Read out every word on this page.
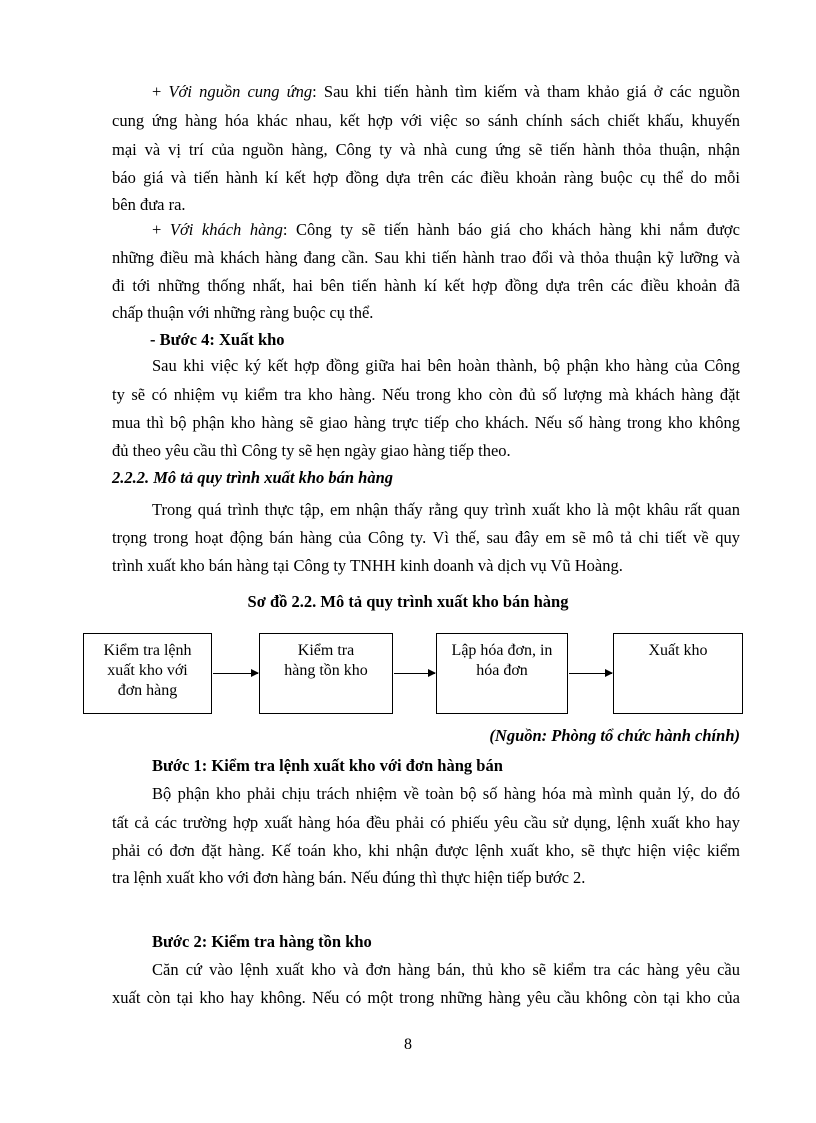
+ Với nguồn cung ứng: Sau khi tiến hành tìm kiếm và tham khảo giá ở các nguồn
cung ứng hàng hóa khác nhau, kết hợp với việc so sánh chính sách chiết khấu, khuyến
mại và vị trí của nguồn hàng, Công ty và nhà cung ứng sẽ tiến hành thỏa thuận, nhận
báo giá và tiến hành kí kết hợp đồng dựa trên các điều khoản ràng buộc cụ thể do mỗi
bên đưa ra.
+ Với khách hàng: Công ty sẽ tiến hành báo giá cho khách hàng khi nắm được
những điều mà khách hàng đang cần. Sau khi tiến hành trao đổi và thỏa thuận kỹ lưỡng và
đi tới những thống nhất, hai bên tiến hành kí kết hợp đồng dựa trên các điều khoản đã
chấp thuận với những ràng buộc cụ thể.
- Bước 4: Xuất kho
Sau khi việc ký kết hợp đồng giữa hai bên hoàn thành, bộ phận kho hàng của Công
ty sẽ có nhiệm vụ kiểm tra kho hàng. Nếu trong kho còn đủ số lượng mà khách hàng đặt
mua thì bộ phận kho hàng sẽ giao hàng trực tiếp cho khách. Nếu số hàng trong kho không
đủ theo yêu cầu thì Công ty sẽ hẹn ngày giao hàng tiếp theo.
2.2.2. Mô tả quy trình xuất kho bán hàng
Trong quá trình thực tập, em nhận thấy rằng quy trình xuất kho là một khâu rất quan
trọng trong hoạt động bán hàng của Công ty. Vì thế, sau đây em sẽ mô tả chi tiết về quy
trình xuất kho bán hàng tại Công ty TNHH kinh doanh và dịch vụ Vũ Hoàng.
Sơ đồ 2.2. Mô tả quy trình xuất kho bán hàng
Kiểm tra lệnh
xuất kho với
đơn hàng
Kiểm tra
hàng tồn kho
Lập hóa đơn, in
hóa đơn
Xuất kho
(Nguồn: Phòng tổ chức hành chính)
Bước 1: Kiểm tra lệnh xuất kho với đơn hàng bán
Bộ phận kho phải chịu trách nhiệm về toàn bộ số hàng hóa mà mình quản lý, do đó
tất cả các trường hợp xuất hàng hóa đều phải có phiếu yêu cầu sử dụng, lệnh xuất kho hay
phải có đơn đặt hàng. Kế toán kho, khi nhận được lệnh xuất kho, sẽ thực hiện việc kiểm
tra lệnh xuất kho với đơn hàng bán. Nếu đúng thì thực hiện tiếp bước 2.
Bước 2: Kiểm tra hàng tồn kho
Căn cứ vào lệnh xuất kho và đơn hàng bán, thủ kho sẽ kiểm tra các hàng yêu cầu
xuất còn tại kho hay không. Nếu có một trong những hàng yêu cầu không còn tại kho của
8
